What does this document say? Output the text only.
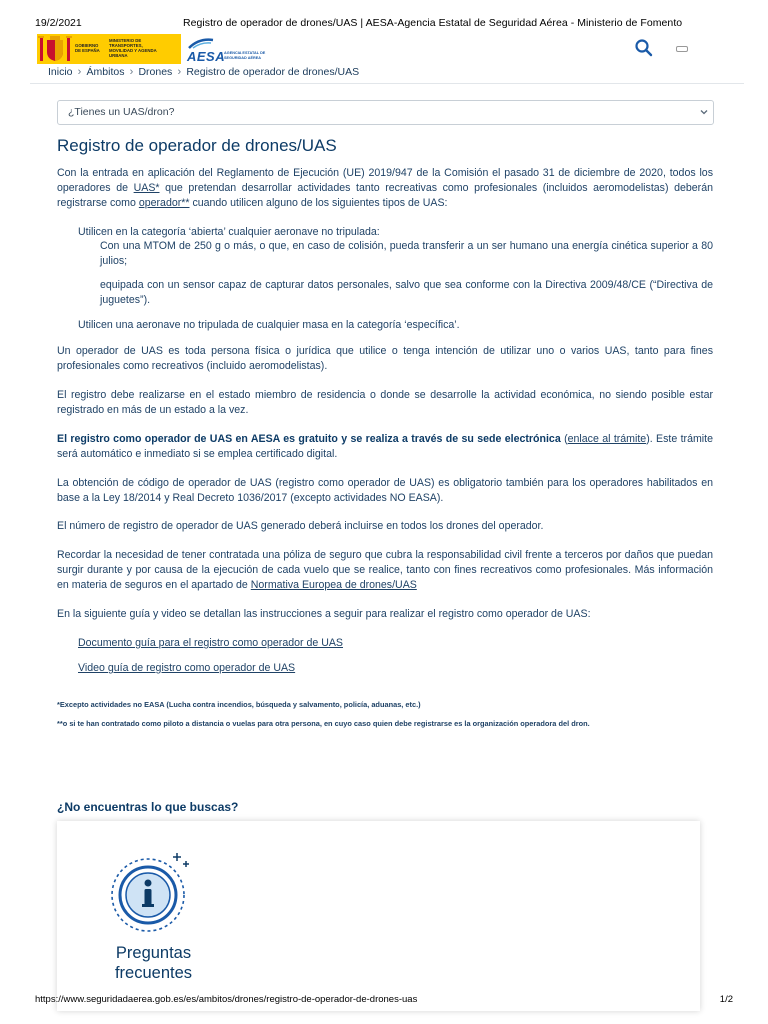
19/2/2021	Registro de operador de drones/UAS | AESA-Agencia Estatal de Seguridad Aérea - Ministerio de Fomento
GOBIERNO DE ESPAÑA
MINISTERIO DE TRANSPORTES, MOVILIDAD Y AGENDA URBANA	AESA
AGENCIA ESTATAL DE SEGURIDAD AÉREA
Inicio › Ámbitos › Drones › Registro de operador de drones/UAS
¿Tienes un UAS/dron?
Registro de operador de drones/UAS

Con la entrada en aplicación del Reglamento de Ejecución (UE) 2019/947 de la Comisión el pasado 31 de diciembre de 2020, todos los operadores de UAS* que pretendan desarrollar actividades tanto recreativas como profesionales (incluidos aeromodelistas) deberán registrarse como operador** cuando utilicen alguno de los siguientes tipos de UAS:

Utilicen en la categoría ‘abierta’ cualquier aeronave no tripulada:

Con una MTOM de 250 g o más, o que, en caso de colisión, pueda transferir a un ser humano una energía cinética superior a 80 julios;

equipada con un sensor capaz de capturar datos personales, salvo que sea conforme con la Directiva 2009/48/CE (“Directiva de juguetes”).

Utilicen una aeronave no tripulada de cualquier masa en la categoría ‘específica’.

Un operador de UAS es toda persona física o jurídica que utilice o tenga intención de utilizar uno o varios UAS, tanto para fines profesionales como recreativos (incluido aeromodelistas).

El registro debe realizarse en el estado miembro de residencia o donde se desarrolle la actividad económica, no siendo posible estar registrado en más de un estado a la vez.

El registro como operador de UAS en AESA es gratuito y se realiza a través de su sede electrónica (enlace al trámite). Este trámite será automático e inmediato si se emplea certificado digital.

La obtención de código de operador de UAS (registro como operador de UAS) es obligatorio también para los operadores habilitados en base a la Ley 18/2014 y Real Decreto 1036/2017 (excepto actividades NO EASA).

El número de registro de operador de UAS generado deberá incluirse en todos los drones del operador.

Recordar la necesidad de tener contratada una póliza de seguro que cubra la responsabilidad civil frente a terceros por daños que puedan surgir durante y por causa de la ejecución de cada vuelo que se realice, tanto con fines recreativos como profesionales. Más información en materia de seguros en el apartado de Normativa Europea de drones/UAS

En la siguiente guía y video se detallan las instrucciones a seguir para realizar el registro como operador de UAS:

Documento guía para el registro como operador de UAS

Video guía de registro como operador de UAS

*Excepto actividades no EASA (Lucha contra incendios, búsqueda y salvamento, policía, aduanas, etc.)

**o si te han contratado como piloto a distancia o vuelas para otra persona, en cuyo caso quien debe registrarse es la organización operadora del dron.

¿No encuentras lo que buscas?
Preguntas frecuentes
https://www.seguridadaerea.gob.es/es/ambitos/drones/registro-de-operador-de-drones-uas	1/2
